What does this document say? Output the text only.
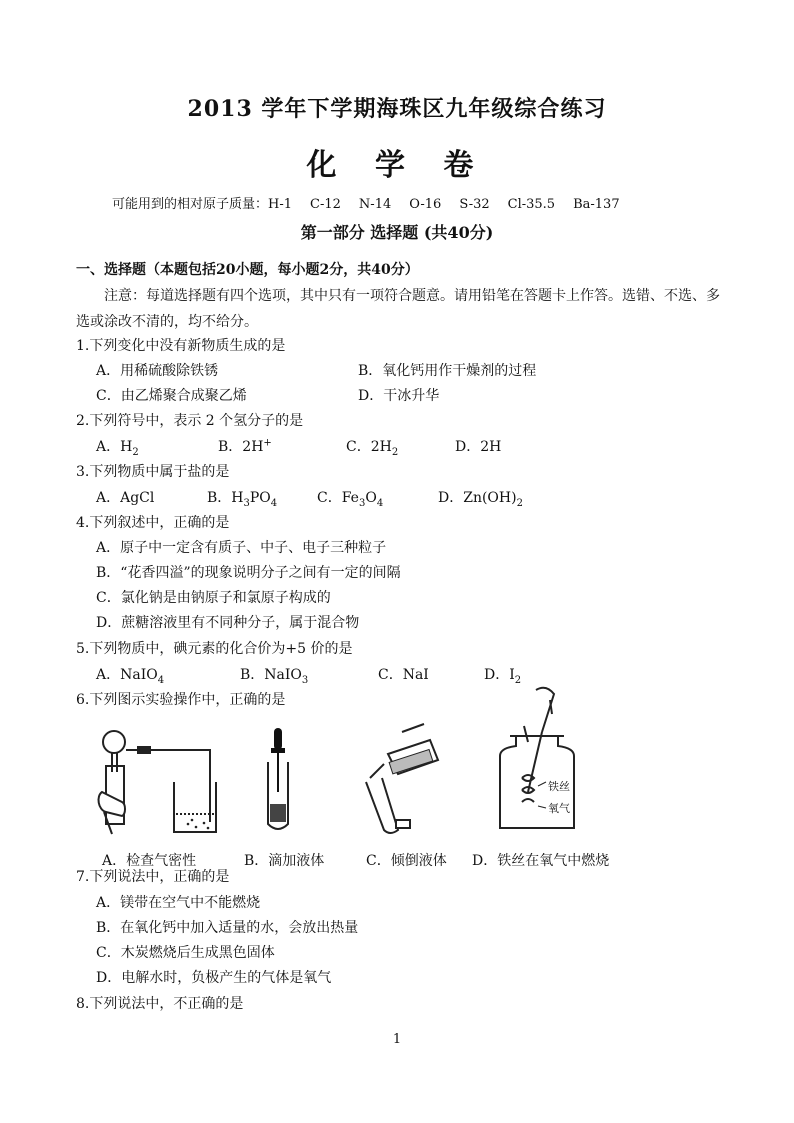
2013 学年下学期海珠区九年级综合练习
化 学 卷
可能用到的相对原子质量：H-1 C-12 N-14 O-16 S-32 Cl-35.5 Ba-137
第一部分 选择题 (共40分)
一、选择题（本题包括20小题，每小题2分，共40分）
注意：每道选择题有四个选项，其中只有一项符合题意。请用铅笔在答题卡上作答。选错、不选、多
选或涂改不清的，均不给分。
1.下列变化中没有新物质生成的是
A．用稀硫酸除铁锈	B．氧化钙用作干燥剂的过程
C．由乙烯聚合成聚乙烯	D．干冰升华
2.下列符号中，表示 2 个氢分子的是
A．$H_2$	B．2H+	C．$2H_2$	D．2H
3.下列物质中属于盐的是
A．AgCl	B．$H_3PO_4$	C．$Fe_3O_4$	D．$Zn(OH)_2$
4.下列叙述中，正确的是
A．原子中一定含有质子、中子、电子三种粒子
B．“花香四溢”的现象说明分子之间有一定的间隔
C．氯化钠是由钠原子和氯原子构成的
D．蔗糖溶液里有不同种分子，属于混合物
5.下列物质中，碘元素的化合价为+5 价的是
A．NaIO$_4$	B．NaIO$_3$	C．NaI	D．$I_2$
6.下列图示实验操作中，正确的是
铁丝
氧气
A．检查气密性	B．滴加液体	C．倾倒液体 D．铁丝在氧气中燃烧
7.下列说法中，正确的是
A．镁带在空气中不能燃烧
B．在氧化钙中加入适量的水，会放出热量
C．木炭燃烧后生成黑色固体
D．电解水时，负极产生的气体是氧气
8.下列说法中，不正确的是
1
